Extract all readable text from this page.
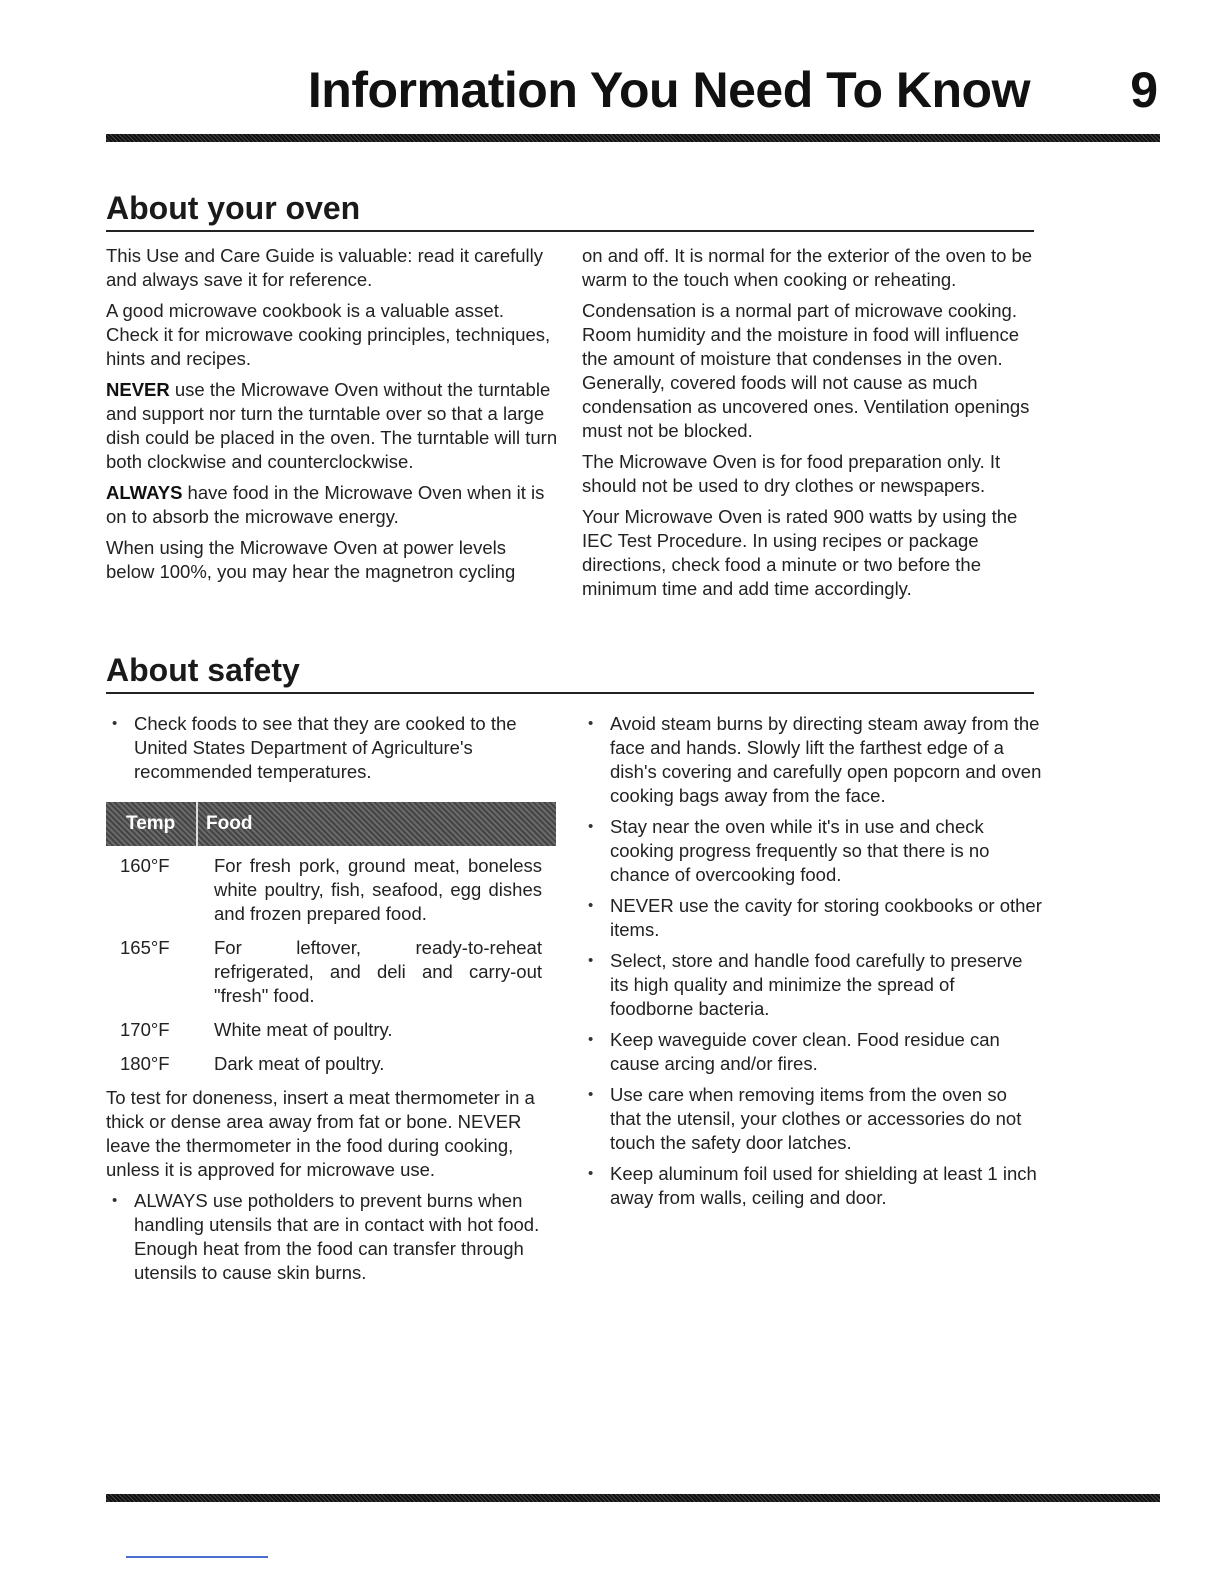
Information You Need To Know 9
About your oven

This Use and Care Guide is valuable: read it carefully and always save it for reference.

A good microwave cookbook is a valuable asset. Check it for microwave cooking principles, techniques, hints and recipes.

NEVER use the Microwave Oven without the turntable and support nor turn the turntable over so that a large dish could be placed in the oven. The turntable will turn both clockwise and counterclockwise.

ALWAYS have food in the Microwave Oven when it is on to absorb the microwave energy.

When using the Microwave Oven at power levels below 100%, you may hear the magnetron cycling

on and off. It is normal for the exterior of the oven to be warm to the touch when cooking or reheating.

Condensation is a normal part of microwave cooking. Room humidity and the moisture in food will influence the amount of moisture that condenses in the oven. Generally, covered foods will not cause as much condensation as uncovered ones. Ventilation openings must not be blocked.

The Microwave Oven is for food preparation only. It should not be used to dry clothes or newspapers.

Your Microwave Oven is rated 900 watts by using the IEC Test Procedure. In using recipes or package directions, check food a minute or two before the minimum time and add time accordingly.

About safety
• Check foods to see that they are cooked to the United States Department of Agriculture's recommended temperatures.
Temp	Food
160°F	For fresh pork, ground meat, boneless white poultry, fish, seafood, egg dishes and frozen prepared food.
165°F	For leftover, ready-to-reheat refrigerated, and deli and carry-out "fresh" food.
170°F	White meat of poultry.
180°F	Dark meat of poultry.

To test for doneness, insert a meat thermometer in a thick or dense area away from fat or bone. NEVER leave the thermometer in the food during cooking, unless it is approved for microwave use.

• ALWAYS use potholders to prevent burns when handling utensils that are in contact with hot food. Enough heat from the food can transfer through utensils to cause skin burns.
• Avoid steam burns by directing steam away from the face and hands. Slowly lift the farthest edge of a dish's covering and carefully open popcorn and oven cooking bags away from the face.
• Stay near the oven while it's in use and check cooking progress frequently so that there is no chance of overcooking food.
• NEVER use the cavity for storing cookbooks or other items.
• Select, store and handle food carefully to preserve its high quality and minimize the spread of foodborne bacteria.
• Keep waveguide cover clean. Food residue can cause arcing and/or fires.
• Use care when removing items from the oven so that the utensil, your clothes or accessories do not touch the safety door latches.
• Keep aluminum foil used for shielding at least 1 inch away from walls, ceiling and door.
